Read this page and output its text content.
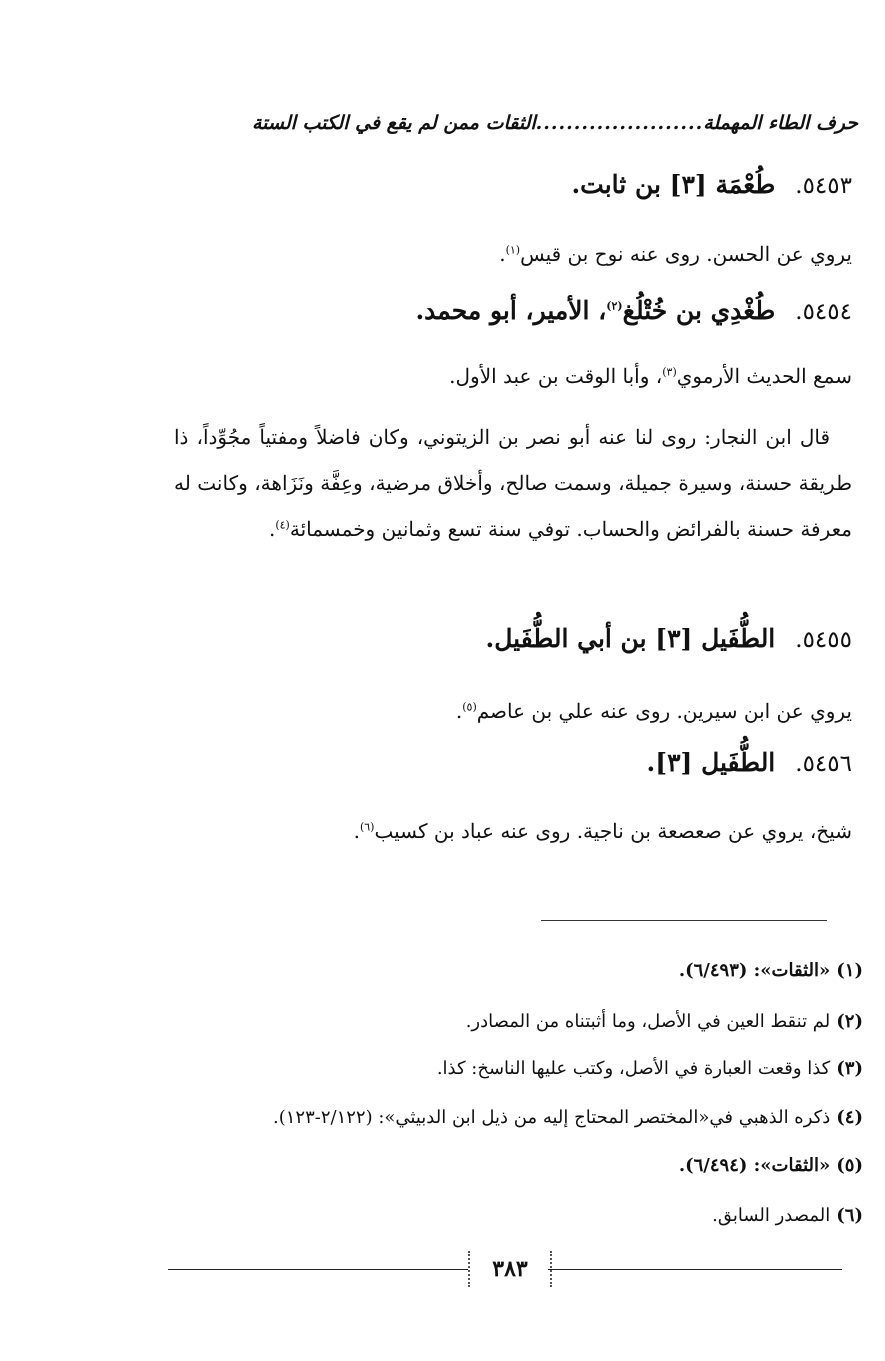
حرف الطاء المهملة
......................
الثقات ممن لم يقع في الكتب الستة
٥٤٥٣.طُعْمَة [٣] بن ثابت.
يروي عن الحسن. روى عنه نوح بن قيس$^{(١)}$.
٥٤٥٤.طُغْدِي بن خُتْلُغ$^{(٢)}$، الأمير، أبو محمد.
سمع الحديث الأرموي$^{(٣)}$، وأبا الوقت بن عبد الأول.
قال ابن النجار: روى لنا عنه أبو نصر بن الزيتوني، وكان فاضلاً ومفتياً مجُوِّداً، ذا طريقة حسنة، وسيرة جميلة، وسمت صالح، وأخلاق مرضية، وعِفَّة ونَزَاهة، وكانت له معرفة حسنة بالفرائض والحساب. توفي سنة تسع وثمانين وخمسمائة$^{(٤)}$.
٥٤٥٥.الطُّفَيل [٣] بن أبي الطُّفَيل.
يروي عن ابن سيرين. روى عنه علي بن عاصم$^{(٥)}$.
٥٤٥٦.الطُّفَيل [٣].
شيخ، يروي عن صعصعة بن ناجية. روى عنه عباد بن كسيب$^{(٦)}$.
(١)«الثقات»: (٦/٤٩٣).
(٢)لم تنقط العين في الأصل، وما أثبتناه من المصادر.
(٣)كذا وقعت العبارة في الأصل، وكتب عليها الناسخ: كذا.
(٤)ذكره الذهبي في«المختصر المحتاج إليه من ذيل ابن الدبيثي»: (٢/١٢٢-١٢٣).
(٥)«الثقات»: (٦/٤٩٤).
(٦)المصدر السابق.
٣٨٣
